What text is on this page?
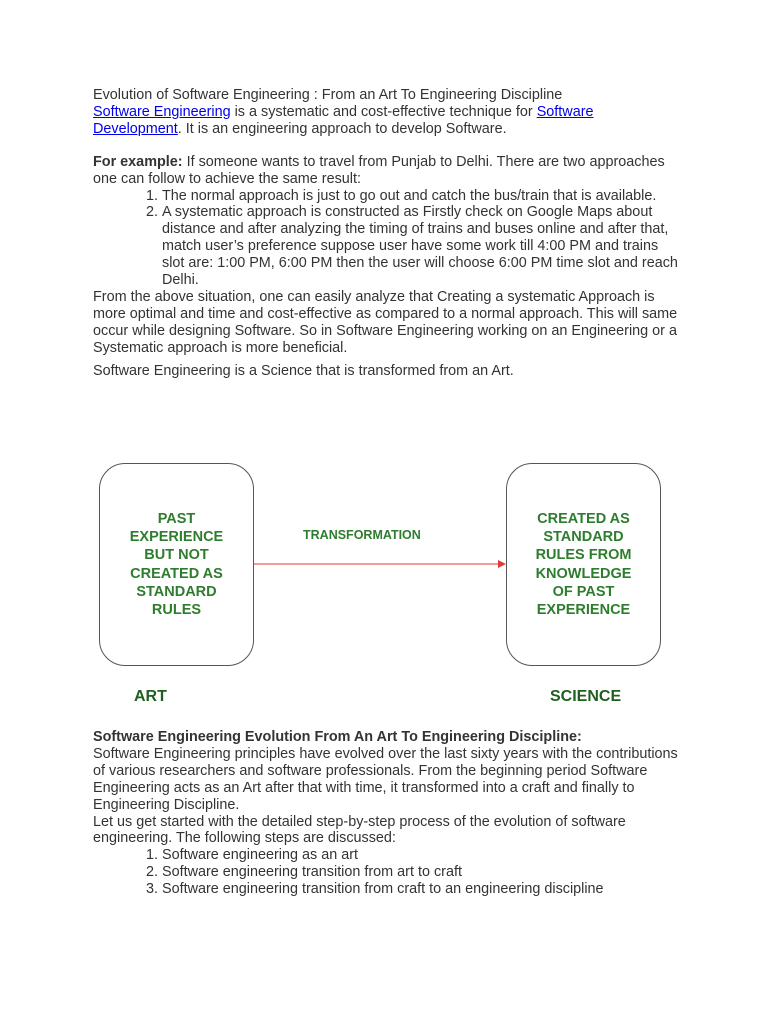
Evolution of Software Engineering : From an Art To Engineering Discipline

Software Engineering is a systematic and cost-effective technique for Software Development. It is an engineering approach to develop Software.

For example: If someone wants to travel from Punjab to Delhi. There are two approaches one can follow to achieve the same result:

1. The normal approach is just to go out and catch the bus/train that is available.
2. A systematic approach is constructed as Firstly check on Google Maps about distance and after analyzing the timing of trains and buses online and after that, match user’s preference suppose user have some work till 4:00 PM and trains slot are: 1:00 PM, 6:00 PM then the user will choose 6:00 PM time slot and reach Delhi.

From the above situation, one can easily analyze that Creating a systematic Approach is more optimal and time and cost-effective as compared to a normal approach. This will same occur while designing Software. So in Software Engineering working on an Engineering or a Systematic approach is more beneficial.

Software Engineering is a Science that is transformed from an Art.

PAST
EXPERIENCE
BUT NOT
CREATED AS
STANDARD
RULES
CREATED AS
STANDARD
RULES FROM
KNOWLEDGE
OF PAST
EXPERIENCE
TRANSFORMATION
ART	SCIENCE

Software Engineering Evolution From An Art To Engineering Discipline:

Software Engineering principles have evolved over the last sixty years with the contributions of various researchers and software professionals. From the beginning period Software Engineering acts as an Art after that with time, it transformed into a craft and finally to Engineering Discipline.

Let us get started with the detailed step-by-step process of the evolution of software engineering. The following steps are discussed:

1. Software engineering as an art
2. Software engineering transition from art to craft
3. Software engineering transition from craft to an engineering discipline
